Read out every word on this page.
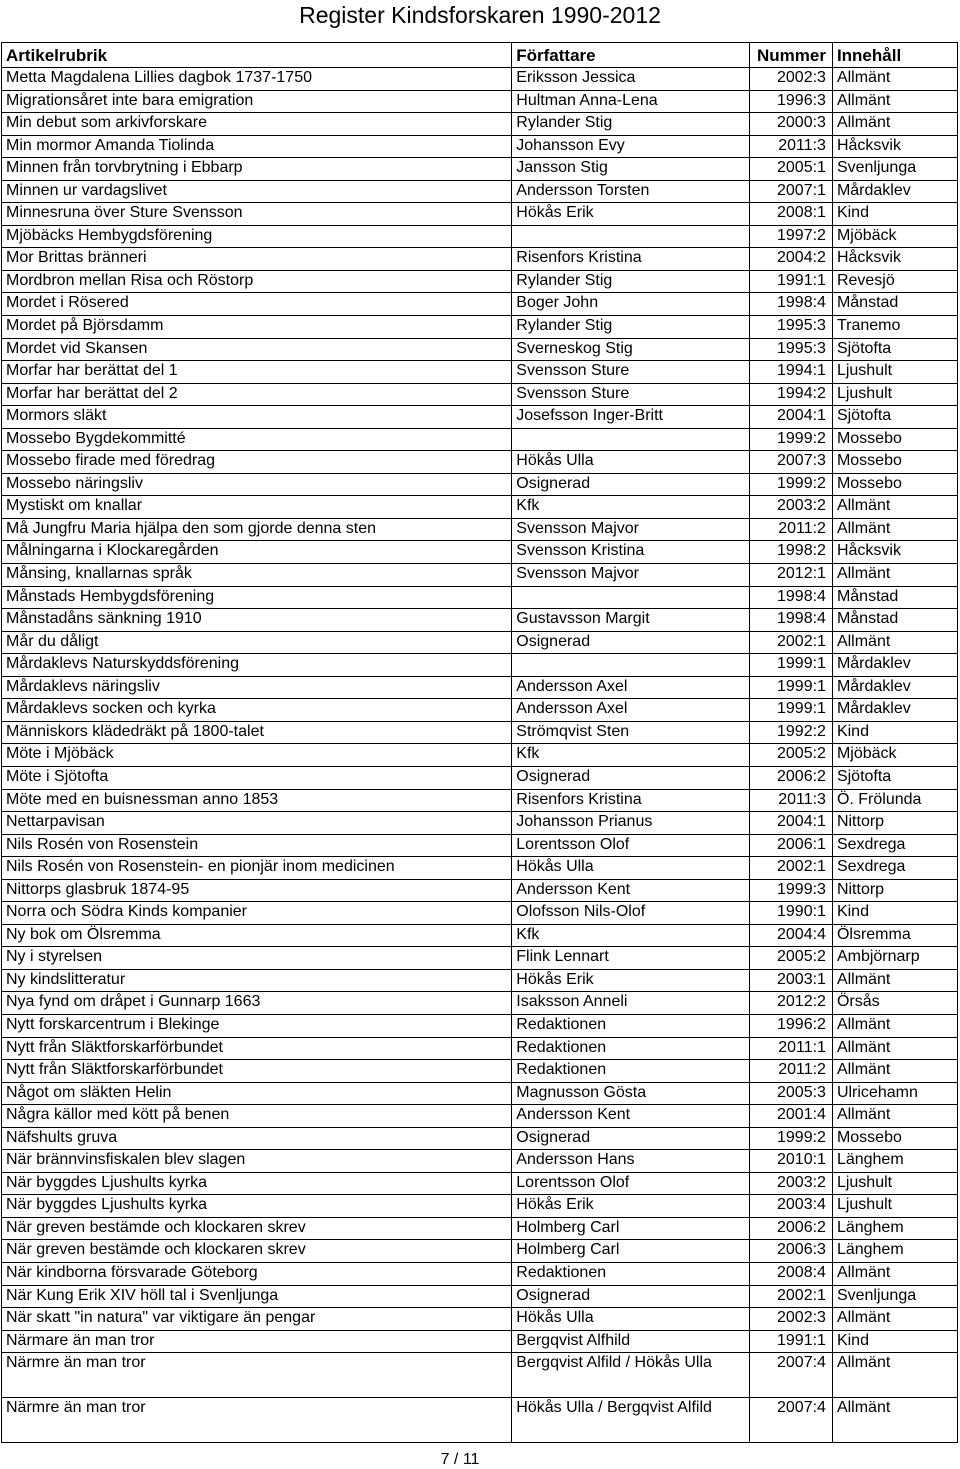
Register Kindsforskaren 1990-2012
Artikelrubrik	Författare	Nummer	Innehåll
Metta Magdalena Lillies dagbok 1737-1750	Eriksson Jessica	2002:3	Allmänt
Migrationsåret inte bara emigration	Hultman Anna-Lena	1996:3	Allmänt
Min debut som arkivforskare	Rylander Stig	2000:3	Allmänt
Min mormor Amanda Tiolinda	Johansson Evy	2011:3	Håcksvik
Minnen från torvbrytning i Ebbarp	Jansson Stig	2005:1	Svenljunga
Minnen ur vardagslivet	Andersson Torsten	2007:1	Mårdaklev
Minnesruna över Sture Svensson	Hökås Erik	2008:1	Kind
Mjöbäcks Hembygdsförening		1997:2	Mjöbäck
Mor Brittas bränneri	Risenfors Kristina	2004:2	Håcksvik
Mordbron mellan Risa och Röstorp	Rylander Stig	1991:1	Revesjö
Mordet i Rösered	Boger John	1998:4	Månstad
Mordet på Björsdamm	Rylander Stig	1995:3	Tranemo
Mordet vid Skansen	Sverneskog Stig	1995:3	Sjötofta
Morfar har berättat del 1	Svensson Sture	1994:1	Ljushult
Morfar har berättat del 2	Svensson Sture	1994:2	Ljushult
Mormors släkt	Josefsson Inger-Britt	2004:1	Sjötofta
Mossebo Bygdekommitté		1999:2	Mossebo
Mossebo firade med föredrag	Hökås Ulla	2007:3	Mossebo
Mossebo näringsliv	Osignerad	1999:2	Mossebo
Mystiskt om knallar	Kfk	2003:2	Allmänt
Må Jungfru Maria hjälpa den som gjorde denna sten	Svensson Majvor	2011:2	Allmänt
Målningarna i Klockaregården	Svensson Kristina	1998:2	Håcksvik
Månsing, knallarnas språk	Svensson Majvor	2012:1	Allmänt
Månstads Hembygdsförening		1998:4	Månstad
Månstadåns sänkning 1910	Gustavsson Margit	1998:4	Månstad
Mår du dåligt	Osignerad	2002:1	Allmänt
Mårdaklevs Naturskyddsförening		1999:1	Mårdaklev
Mårdaklevs näringsliv	Andersson Axel	1999:1	Mårdaklev
Mårdaklevs socken och kyrka	Andersson Axel	1999:1	Mårdaklev
Människors klädedräkt på 1800-talet	Strömqvist Sten	1992:2	Kind
Möte i Mjöbäck	Kfk	2005:2	Mjöbäck
Möte i Sjötofta	Osignerad	2006:2	Sjötofta
Möte med en buisnessman anno 1853	Risenfors Kristina	2011:3	Ö. Frölunda
Nettarpavisan	Johansson Prianus	2004:1	Nittorp
Nils Rosén von Rosenstein	Lorentsson Olof	2006:1	Sexdrega
Nils Rosén von Rosenstein- en pionjär inom medicinen	Hökås Ulla	2002:1	Sexdrega
Nittorps glasbruk 1874-95	Andersson Kent	1999:3	Nittorp
Norra och Södra Kinds kompanier	Olofsson Nils-Olof	1990:1	Kind
Ny bok om Ölsremma	Kfk	2004:4	Ölsremma
Ny i styrelsen	Flink Lennart	2005:2	Ambjörnarp
Ny kindslitteratur	Hökås Erik	2003:1	Allmänt
Nya fynd om dråpet i Gunnarp 1663	Isaksson Anneli	2012:2	Örsås
Nytt forskarcentrum i Blekinge	Redaktionen	1996:2	Allmänt
Nytt från Släktforskarförbundet	Redaktionen	2011:1	Allmänt
Nytt från Släktforskarförbundet	Redaktionen	2011:2	Allmänt
Något om släkten Helin	Magnusson Gösta	2005:3	Ulricehamn
Några källor med kött på benen	Andersson Kent	2001:4	Allmänt
Näfshults gruva	Osignerad	1999:2	Mossebo
När brännvinsfiskalen blev slagen	Andersson Hans	2010:1	Länghem
När byggdes Ljushults kyrka	Lorentsson Olof	2003:2	Ljushult
När byggdes Ljushults kyrka	Hökås Erik	2003:4	Ljushult
När greven bestämde och klockaren skrev	Holmberg Carl	2006:2	Länghem
När greven bestämde och klockaren skrev	Holmberg Carl	2006:3	Länghem
När kindborna försvarade Göteborg	Redaktionen	2008:4	Allmänt
När Kung Erik XIV höll tal i Svenljunga	Osignerad	2002:1	Svenljunga
När skatt "in natura" var viktigare än pengar	Hökås Ulla	2002:3	Allmänt
Närmare än man tror	Bergqvist Alfhild	1991:1	Kind
Närmre än man tror	Bergqvist Alfild / Hökås Ulla	2007:4	Allmänt
Närmre än man tror	Hökås Ulla / Bergqvist Alfild	2007:4	Allmänt
7 / 11
